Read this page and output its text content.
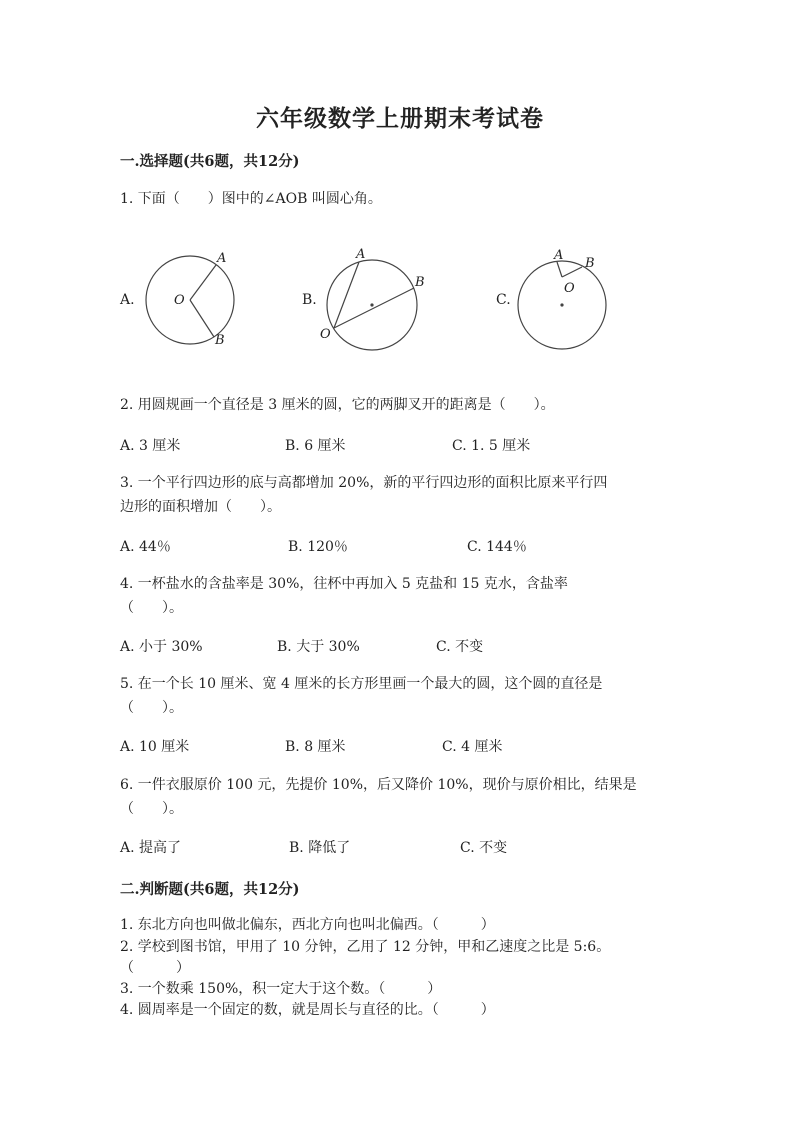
六年级数学上册期末考试卷
一.选择题(共6题，共12分)
1. 下面（　　）图中的∠AOB 叫圆心角。
A.
A
O
B
B.
A
O
B
C.
A
O
B
2. 用圆规画一个直径是 3 厘米的圆，它的两脚叉开的距离是（　　）。
A. 3 厘米	B. 6 厘米	C. 1. 5 厘米
3. 一个平行四边形的底与高都增加 20%，新的平行四边形的面积比原来平行四
边形的面积增加（　　）。
A. 44％	B. 120％	C. 144％
4. 一杯盐水的含盐率是 30%，往杯中再加入 5 克盐和 15 克水，含盐率
（　　）。
A. 小于 30%	B. 大于 30%	C. 不变
5. 在一个长 10 厘米、宽 4 厘米的长方形里画一个最大的圆，这个圆的直径是
（　　）。
A. 10 厘米	B. 8 厘米	C. 4 厘米
6. 一件衣服原价 100 元，先提价 10%，后又降价 10%，现价与原价相比，结果是
（　　）。
A. 提高了	B. 降低了	C. 不变
二.判断题(共6题，共12分)
1. 东北方向也叫做北偏东，西北方向也叫北偏西。（　　　）
2. 学校到图书馆，甲用了 10 分钟，乙用了 12 分钟，甲和乙速度之比是 5:6。
（　　　）
3. 一个数乘 150%，积一定大于这个数。（　　　）
4. 圆周率是一个固定的数，就是周长与直径的比。（　　　）
